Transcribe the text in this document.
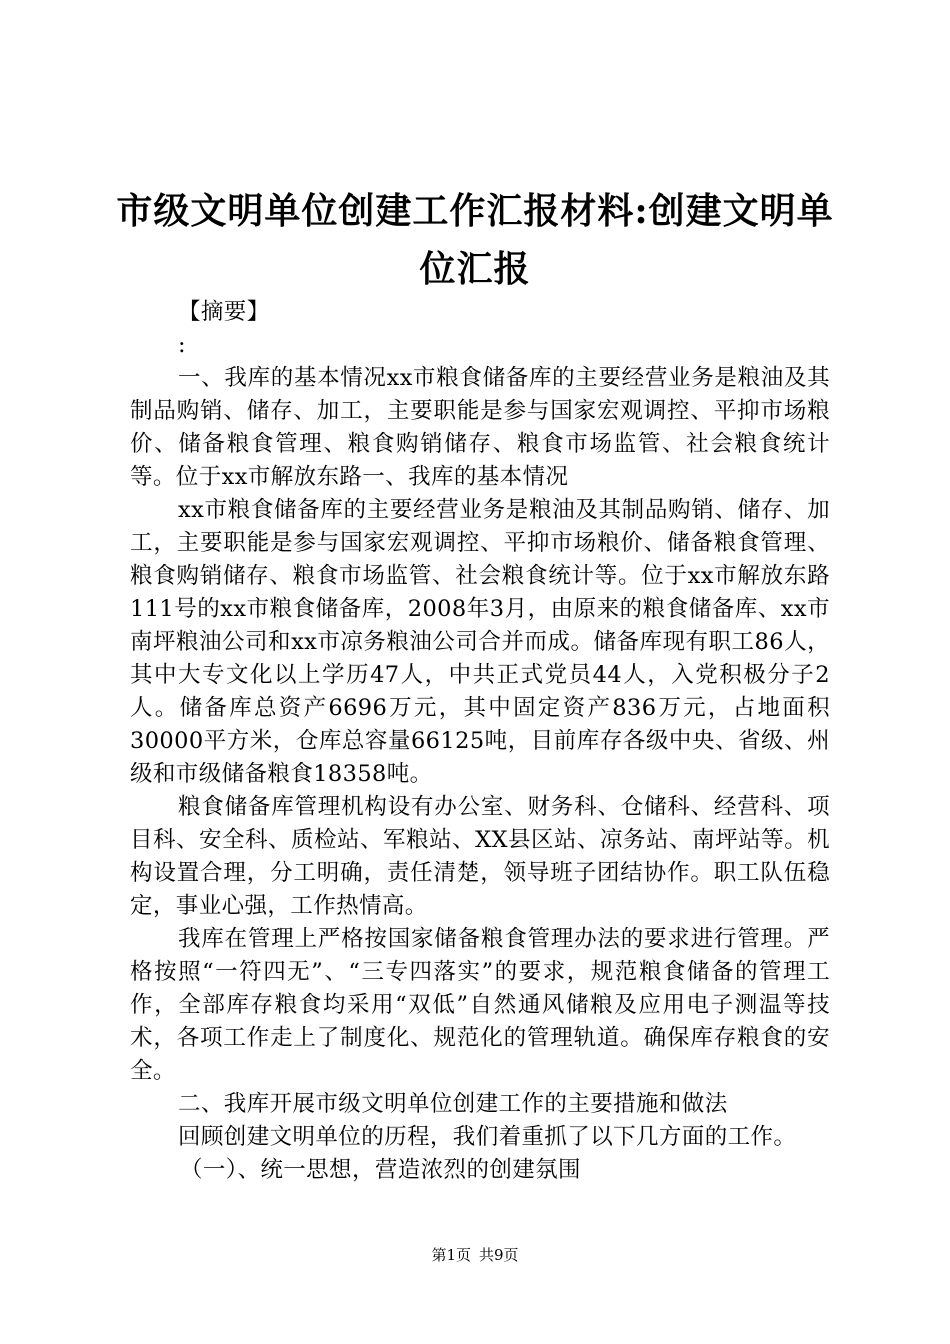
市级文明单位创建工作汇报材料:创建文明单位汇报

【摘要】

:

一、我库的基本情况xx市粮食储备库的主要经营业务是粮油及其制品购销、储存、加工，主要职能是参与国家宏观调控、平抑市场粮价、储备粮食管理、粮食购销储存、粮食市场监管、社会粮食统计等。位于xx市解放东路一、我库的基本情况

xx市粮食储备库的主要经营业务是粮油及其制品购销、储存、加工，主要职能是参与国家宏观调控、平抑市场粮价、储备粮食管理、粮食购销储存、粮食市场监管、社会粮食统计等。位于xx市解放东路111号的xx市粮食储备库，2008年3月，由原来的粮食储备库、xx市南坪粮油公司和xx市凉务粮油公司合并而成。储备库现有职工86人，其中大专文化以上学历47人，中共正式党员44人，入党积极分子2人。储备库总资产6696万元，其中固定资产836万元，占地面积30000平方米，仓库总容量66125吨，目前库存各级中央、省级、州级和市级储备粮食18358吨。

粮食储备库管理机构设有办公室、财务科、仓储科、经营科、项目科、安全科、质检站、军粮站、XX县区站、凉务站、南坪站等。机构设置合理，分工明确，责任清楚，领导班子团结协作。职工队伍稳定，事业心强，工作热情高。

我库在管理上严格按国家储备粮食管理办法的要求进行管理。严格按照“一符四无”、“三专四落实”的要求，规范粮食储备的管理工作，全部库存粮食均采用“双低”自然通风储粮及应用电子测温等技术，各项工作走上了制度化、规范化的管理轨道。确保库存粮食的安全。

二、我库开展市级文明单位创建工作的主要措施和做法

回顾创建文明单位的历程，我们着重抓了以下几方面的工作。

（一）、统一思想，营造浓烈的创建氛围

第1页 共9页
